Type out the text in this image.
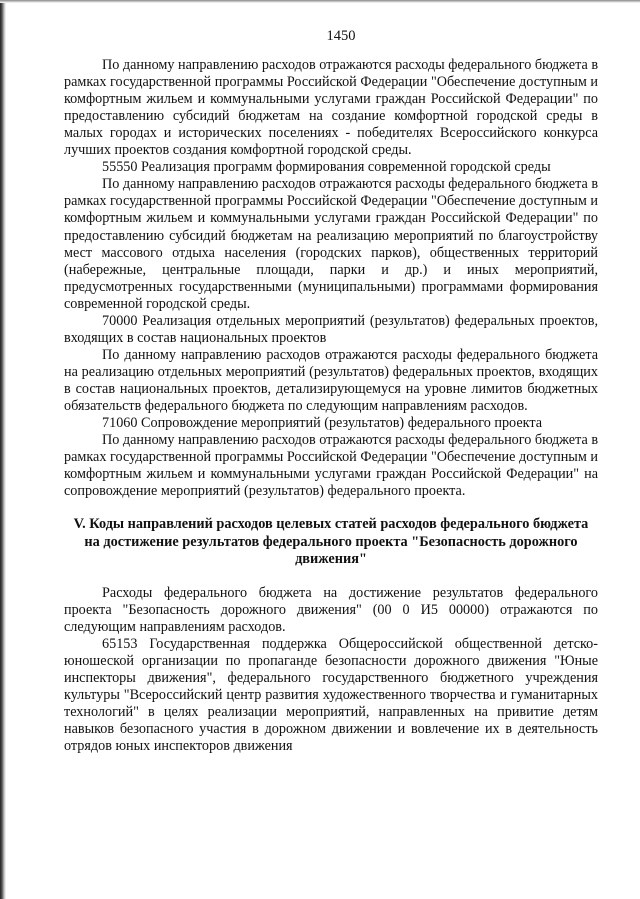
1450

По данному направлению расходов отражаются расходы федерального бюджета в рамках государственной программы Российской Федерации "Обеспечение доступным и комфортным жильем и коммунальными услугами граждан Российской Федерации" по предоставлению субсидий бюджетам на создание комфортной городской среды в малых городах и исторических поселениях - победителях Всероссийского конкурса лучших проектов создания комфортной городской среды.

55550 Реализация программ формирования современной городской среды

По данному направлению расходов отражаются расходы федерального бюджета в рамках государственной программы Российской Федерации "Обеспечение доступным и комфортным жильем и коммунальными услугами граждан Российской Федерации" по предоставлению субсидий бюджетам на реализацию мероприятий по благоустройству мест массового отдыха населения (городских парков), общественных территорий (набережные, центральные площади, парки и др.) и иных мероприятий, предусмотренных государственными (муниципальными) программами формирования современной городской среды.

70000 Реализация отдельных мероприятий (результатов) федеральных проектов, входящих в состав национальных проектов

По данному направлению расходов отражаются расходы федерального бюджета на реализацию отдельных мероприятий (результатов) федеральных проектов, входящих в состав национальных проектов, детализирующемуся на уровне лимитов бюджетных обязательств федерального бюджета по следующим направлениям расходов.

71060 Сопровождение мероприятий (результатов) федерального проекта

По данному направлению расходов отражаются расходы федерального бюджета в рамках государственной программы Российской Федерации "Обеспечение доступным и комфортным жильем и коммунальными услугами граждан Российской Федерации" на сопровождение мероприятий (результатов) федерального проекта.

V. Коды направлений расходов целевых статей расходов федерального бюджета на достижение результатов федерального проекта "Безопасность дорожного движения"

Расходы федерального бюджета на достижение результатов федерального проекта "Безопасность дорожного движения" (00 0 И5 00000) отражаются по следующим направлениям расходов.

65153 Государственная поддержка Общероссийской общественной детско-юношеской организации по пропаганде безопасности дорожного движения "Юные инспекторы движения", федерального государственного бюджетного учреждения культуры "Всероссийский центр развития художественного творчества и гуманитарных технологий" в целях реализации мероприятий, направленных на привитие детям навыков безопасного участия в дорожном движении и вовлечение их в деятельность отрядов юных инспекторов движения
